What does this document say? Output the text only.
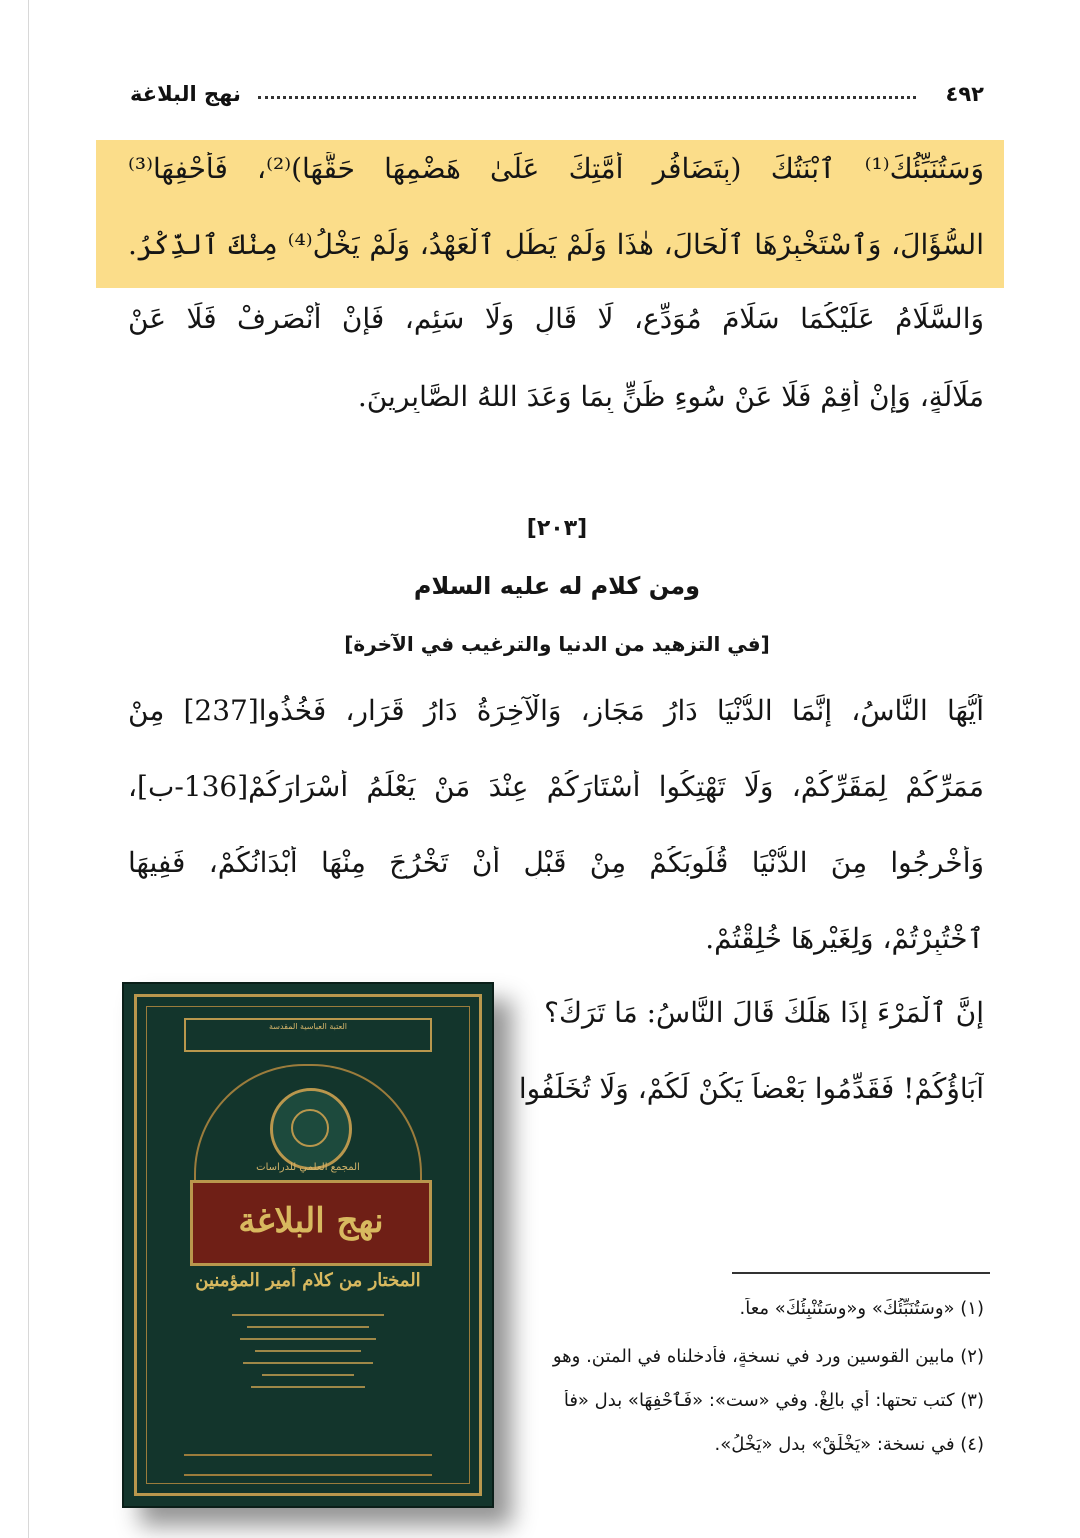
٤٩٢
نهج البلاغة
وَسَتُنَبِّئُكَ⁽¹⁾ ٱبْنَتُكَ (بِتَضَافُرِ أُمَّتِكَ عَلَىٰ هَضْمِهَا حَقَّهَا)⁽²⁾، فَأَحْفِهَا⁽³⁾
السُّؤَالَ، وَٱسْتَخْبِرْهَا ٱلْحَالَ، هٰذَا وَلَمْ يَطُلِ ٱلْعَهْدُ، وَلَمْ يَخْلُ⁽⁴⁾ مِنْكَ ٱلذِّكْرُ.
وَالسَّلَامُ عَلَيْكُمَا سَلَامَ مُوَدِّعٍ، لَا قَالٍ وَلَا سَئِمٍ، فَإِنْ أَنْصَرِفْ فَلَا عَنْ
مَلَالَةٍ، وَإِنْ أُقِمْ فَلَا عَنْ سُوءِ ظَنٍّ بِمَا وَعَدَ اللهُ الصَّابِرِينَ.
[٢٠٣]
ومن كلام له عليه السلام
[في التزهيد من الدنيا والترغيب في الآخرة]
أَيُّهَا النَّاسُ، إِنَّمَا الدُّنْيَا دَارُ مَجَازٍ، وَالْآخِرَةُ دَارُ قَرَارٍ، فَخُذُوا[237] مِنْ
مَمَرِّكُمْ لِمَقَرِّكُمْ، وَلَا تَهْتِكُوا أَسْتَارَكُمْ عِنْدَ مَنْ يَعْلَمُ أَسْرَارَكُمْ[136-ب]،
وَأَخْرِجُوا مِنَ الدُّنْيَا قُلُوبَكُمْ مِنْ قَبْلِ أَنْ تَخْرُجَ مِنْهَا أَبْدَانُكُمْ، فَفِيهَا
ٱخْتُبِرْتُمْ، وَلِغَيْرِهَا خُلِقْتُمْ.
إِنَّ ٱلْمَرْءَ إِذَا هَلَكَ قَالَ النَّاسُ: مَا تَرَكَ؟
آبَاؤُكُمْ! فَقَدِّمُوا بَعْضاً يَكُنْ لَكُمْ، وَلَا تُخَلِّفُوا
(١) «وسَتُنَبِّئُكَ» و«وسَتُنْبِئُكَ» معاً.
(٢) مابين القوسين ورد في نسخةٍ، فأدخلناه في المتن. وهو
(٣) كتب تحتها: أي بالِغْ. وفي «ست»: «فَٱحْفِهَا» بدل «فأ
(٤) في نسخة: «يَخْلَقْ» بدل «يَخْلُ».
العتبة العباسية المقدسة
المجمع العلمي للدراسات
نهج البلاغة
المختار من كلام أمير المؤمنين
